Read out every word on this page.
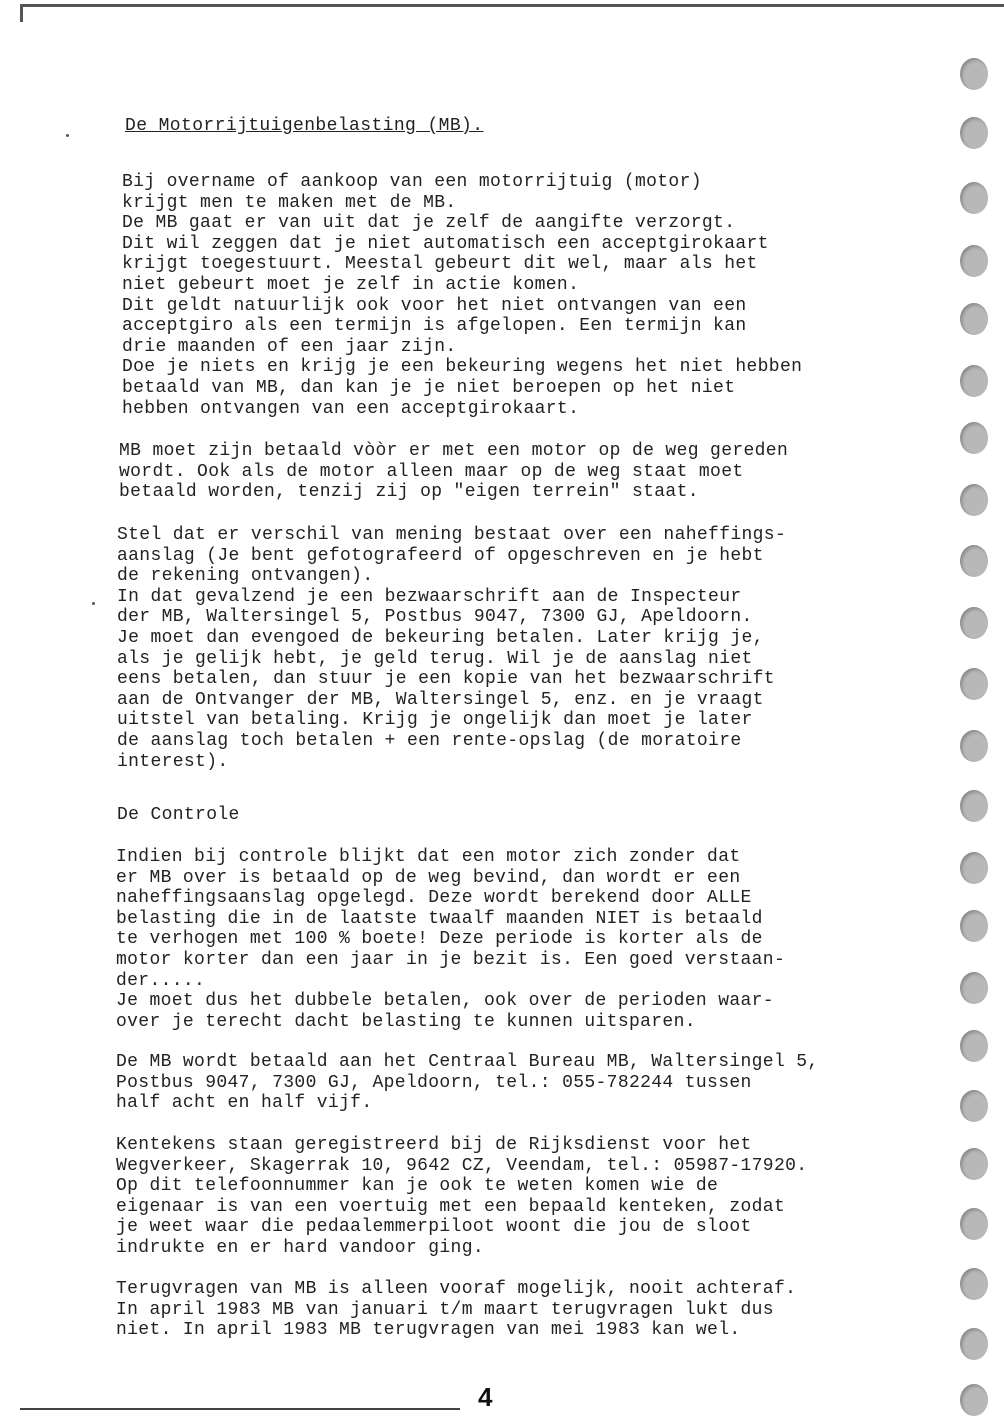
De Motorrijtuigenbelasting (MB).
Bij overname of aankoop van een motorrijtuig (motor)
krijgt men te maken met de MB.
De MB gaat er van uit dat je zelf de aangifte verzorgt.
Dit wil zeggen dat je niet automatisch een acceptgirokaart
krijgt toegestuurt. Meestal gebeurt dit wel, maar als het
niet gebeurt moet je zelf in actie komen.
Dit geldt natuurlijk ook voor het niet ontvangen van een
acceptgiro als een termijn is afgelopen. Een termijn kan
drie maanden of een jaar zijn.
Doe je niets en krijg je een bekeuring wegens het niet hebben
betaald van MB, dan kan je je niet beroepen op het niet
hebben ontvangen van een acceptgirokaart.
MB moet zijn betaald vòòr er met een motor op de weg gereden
wordt. Ook als de motor alleen maar op de weg staat moet
betaald worden, tenzij zij op "eigen terrein" staat.
Stel dat er verschil van mening bestaat over een naheffings-
aanslag (Je bent gefotografeerd of opgeschreven en je hebt
de rekening ontvangen).
In dat gevalzend je een bezwaarschrift aan de Inspecteur
der MB, Waltersingel 5, Postbus 9047, 7300 GJ, Apeldoorn.
Je moet dan evengoed de bekeuring betalen. Later krijg je,
als je gelijk hebt, je geld terug. Wil je de aanslag niet
eens betalen, dan stuur je een kopie van het bezwaarschrift
aan de Ontvanger der MB, Waltersingel 5, enz. en je vraagt
uitstel van betaling. Krijg je ongelijk dan moet je later
de aanslag toch betalen + een rente-opslag (de moratoire
interest).
De Controle
Indien bij controle blijkt dat een motor zich zonder dat
er MB over is betaald op de weg bevind, dan wordt er een
naheffingsaanslag opgelegd. Deze wordt berekend door ALLE
belasting die in de laatste twaalf maanden NIET is betaald
te verhogen met 100 % boete! Deze periode is korter als de
motor korter dan een jaar in je bezit is. Een goed verstaan-
der.....
Je moet dus het dubbele betalen, ook over de perioden waar-
over je terecht dacht belasting te kunnen uitsparen.
De MB wordt betaald aan het Centraal Bureau MB, Waltersingel 5,
Postbus 9047, 7300 GJ, Apeldoorn, tel.: 055-782244 tussen
half acht en half vijf.
Kentekens staan geregistreerd bij de Rijksdienst voor het
Wegverkeer, Skagerrak 10, 9642 CZ, Veendam, tel.: 05987-17920.
Op dit telefoonnummer kan je ook te weten komen wie de
eigenaar is van een voertuig met een bepaald kenteken, zodat
je weet waar die pedaalemmerpiloot woont die jou de sloot
indrukte en er hard vandoor ging.
Terugvragen van MB is alleen vooraf mogelijk, nooit achteraf.
In april 1983 MB van januari t/m maart terugvragen lukt dus
niet. In april 1983 MB terugvragen van mei 1983 kan wel.
4
